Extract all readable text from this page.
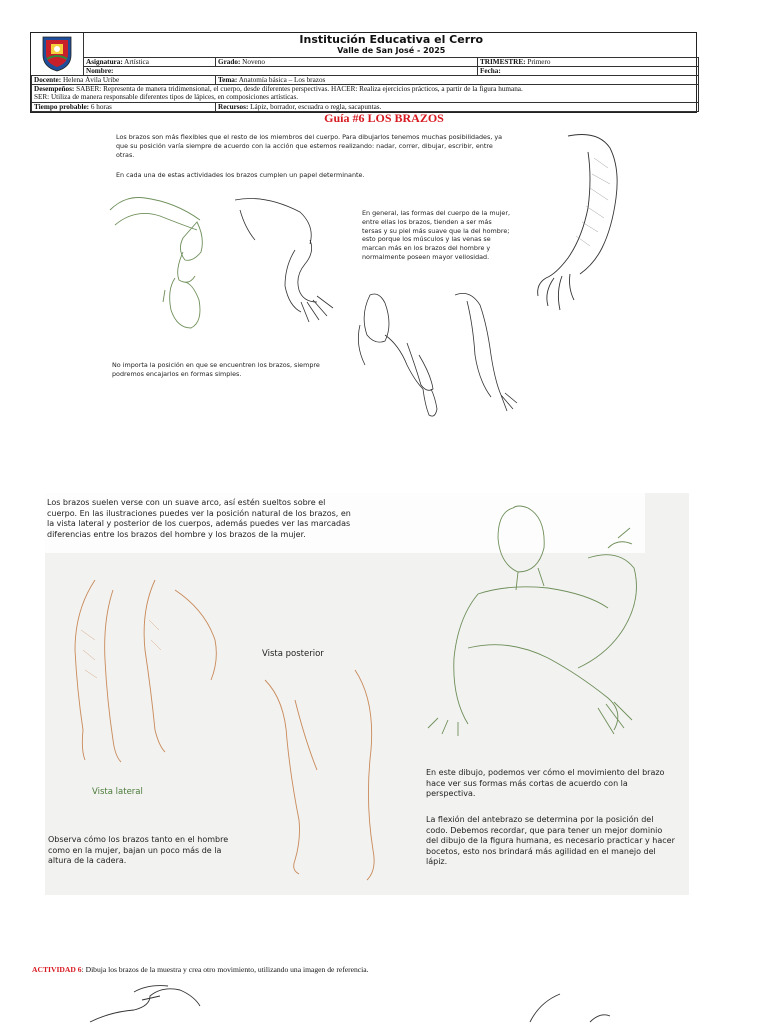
Institución Educativa el Cerro
Valle de San José - 2025		

	Asignatura: Artística	Grado: Noveno	TRIMESTRE: Primero
	Nombre:		Fecha:
Docente: Helena Ávila Uribe		Tema: Anatomía básica – Los brazos	
Desempeños: SABER: Representa de manera tridimensional, el cuerpo, desde diferentes perspectivas. HACER: Realiza ejercicios prácticos, a partir de la figura humana.
SER: Utiliza de manera responsable diferentes tipos de lápices, en composiciones artísticas.			
Tiempo probable: 6 horas		Recursos: Lápiz, borrador, escuadra o regla, sacapuntas.	
Guía #6 LOS BRAZOS
Los brazos son más flexibles que el resto de los miembros del cuerpo. Para dibujarlos tenemos muchas posibilidades, ya
que su posición varía siempre de acuerdo con la acción que estemos realizando: nadar, correr, dibujar, escribir, entre
otras.
En cada una de estas actividades los brazos cumplen un papel determinante.
En general, las formas del cuerpo de la mujer,
entre ellas los brazos, tienden a ser más
tersas y su piel más suave que la del hombre;
esto porque los músculos y las venas se
marcan más en los brazos del hombre y
normalmente poseen mayor vellosidad.
No importa la posición en que se encuentren los brazos, siempre
podremos encajarlos en formas simples.
Los brazos suelen verse con un suave arco, así estén sueltos sobre el
cuerpo. En las ilustraciones puedes ver la posición natural de los brazos, en
la vista lateral y posterior de los cuerpos, además puedes ver las marcadas
diferencias entre los brazos del hombre y los brazos de la mujer.
Vista posterior
Vista lateral
Observa cómo los brazos tanto en el hombre
como en la mujer, bajan un poco más de la
altura de la cadera.
En este dibujo, podemos ver cómo el movimiento del brazo
hace ver sus formas más cortas de acuerdo con la
perspectiva.
La flexión del antebrazo se determina por la posición del
codo. Debemos recordar, que para tener un mejor dominio
del dibujo de la figura humana, es necesario practicar y hacer
bocetos, esto nos brindará más agilidad en el manejo del
lápiz.
ACTIVIDAD 6: Dibuja los brazos de la muestra y crea otro movimiento, utilizando una imagen de referencia.
